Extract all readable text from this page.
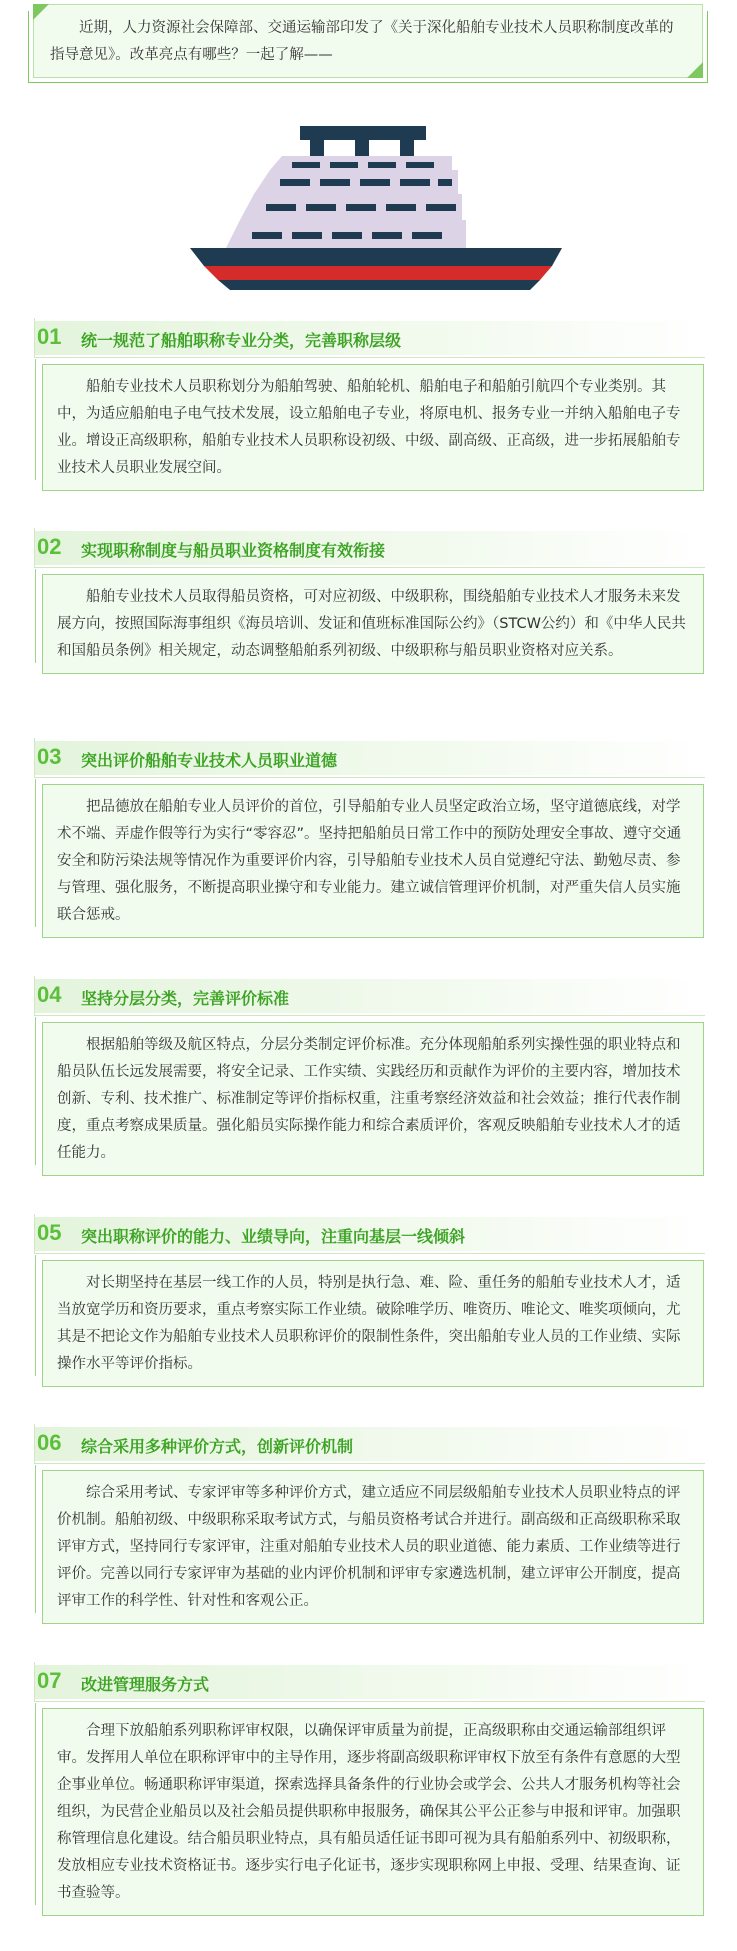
近期，人力资源社会保障部、交通运输部印发了《关于深化船舶专业技术人员职称制度改革的指导意见》。改革亮点有哪些？一起了解——

01 统一规范了船舶职称专业分类，完善职称层级

船舶专业技术人员职称划分为船舶驾驶、船舶轮机、船舶电子和船舶引航四个专业类别。其中，为适应船舶电子电气技术发展，设立船舶电子专业，将原电机、报务专业一并纳入船舶电子专业。增设正高级职称，船舶专业技术人员职称设初级、中级、副高级、正高级，进一步拓展船舶专业技术人员职业发展空间。

02 实现职称制度与船员职业资格制度有效衔接

船舶专业技术人员取得船员资格，可对应初级、中级职称，围绕船舶专业技术人才服务未来发展方向，按照国际海事组织《海员培训、发证和值班标准国际公约》（STCW公约）和《中华人民共和国船员条例》相关规定，动态调整船舶系列初级、中级职称与船员职业资格对应关系。

03 突出评价船舶专业技术人员职业道德

把品德放在船舶专业人员评价的首位，引导船舶专业人员坚定政治立场，坚守道德底线，对学术不端、弄虚作假等行为实行“零容忍”。坚持把船舶员日常工作中的预防处理安全事故、遵守交通安全和防污染法规等情况作为重要评价内容，引导船舶专业技术人员自觉遵纪守法、勤勉尽责、参与管理、强化服务，不断提高职业操守和专业能力。建立诚信管理评价机制，对严重失信人员实施联合惩戒。

04 坚持分层分类，完善评价标准

根据船舶等级及航区特点，分层分类制定评价标准。充分体现船舶系列实操性强的职业特点和船员队伍长远发展需要，将安全记录、工作实绩、实践经历和贡献作为评价的主要内容，增加技术创新、专利、技术推广、标准制定等评价指标权重，注重考察经济效益和社会效益；推行代表作制度，重点考察成果质量。强化船员实际操作能力和综合素质评价，客观反映船舶专业技术人才的适任能力。

05 突出职称评价的能力、业绩导向，注重向基层一线倾斜

对长期坚持在基层一线工作的人员，特别是执行急、难、险、重任务的船舶专业技术人才，适当放宽学历和资历要求，重点考察实际工作业绩。破除唯学历、唯资历、唯论文、唯奖项倾向，尤其是不把论文作为船舶专业技术人员职称评价的限制性条件，突出船舶专业人员的工作业绩、实际操作水平等评价指标。

06 综合采用多种评价方式，创新评价机制

综合采用考试、专家评审等多种评价方式，建立适应不同层级船舶专业技术人员职业特点的评价机制。船舶初级、中级职称采取考试方式，与船员资格考试合并进行。副高级和正高级职称采取评审方式，坚持同行专家评审，注重对船舶专业技术人员的职业道德、能力素质、工作业绩等进行评价。完善以同行专家评审为基础的业内评价机制和评审专家遴选机制，建立评审公开制度，提高评审工作的科学性、针对性和客观公正。

07 改进管理服务方式

合理下放船舶系列职称评审权限，以确保评审质量为前提，正高级职称由交通运输部组织评审。发挥用人单位在职称评审中的主导作用，逐步将副高级职称评审权下放至有条件有意愿的大型企事业单位。畅通职称评审渠道，探索选择具备条件的行业协会或学会、公共人才服务机构等社会组织，为民营企业船员以及社会船员提供职称申报服务，确保其公平公正参与申报和评审。加强职称管理信息化建设。结合船员职业特点，具有船员适任证书即可视为具有船舶系列中、初级职称，发放相应专业技术资格证书。逐步实行电子化证书，逐步实现职称网上申报、受理、结果查询、证书查验等。
